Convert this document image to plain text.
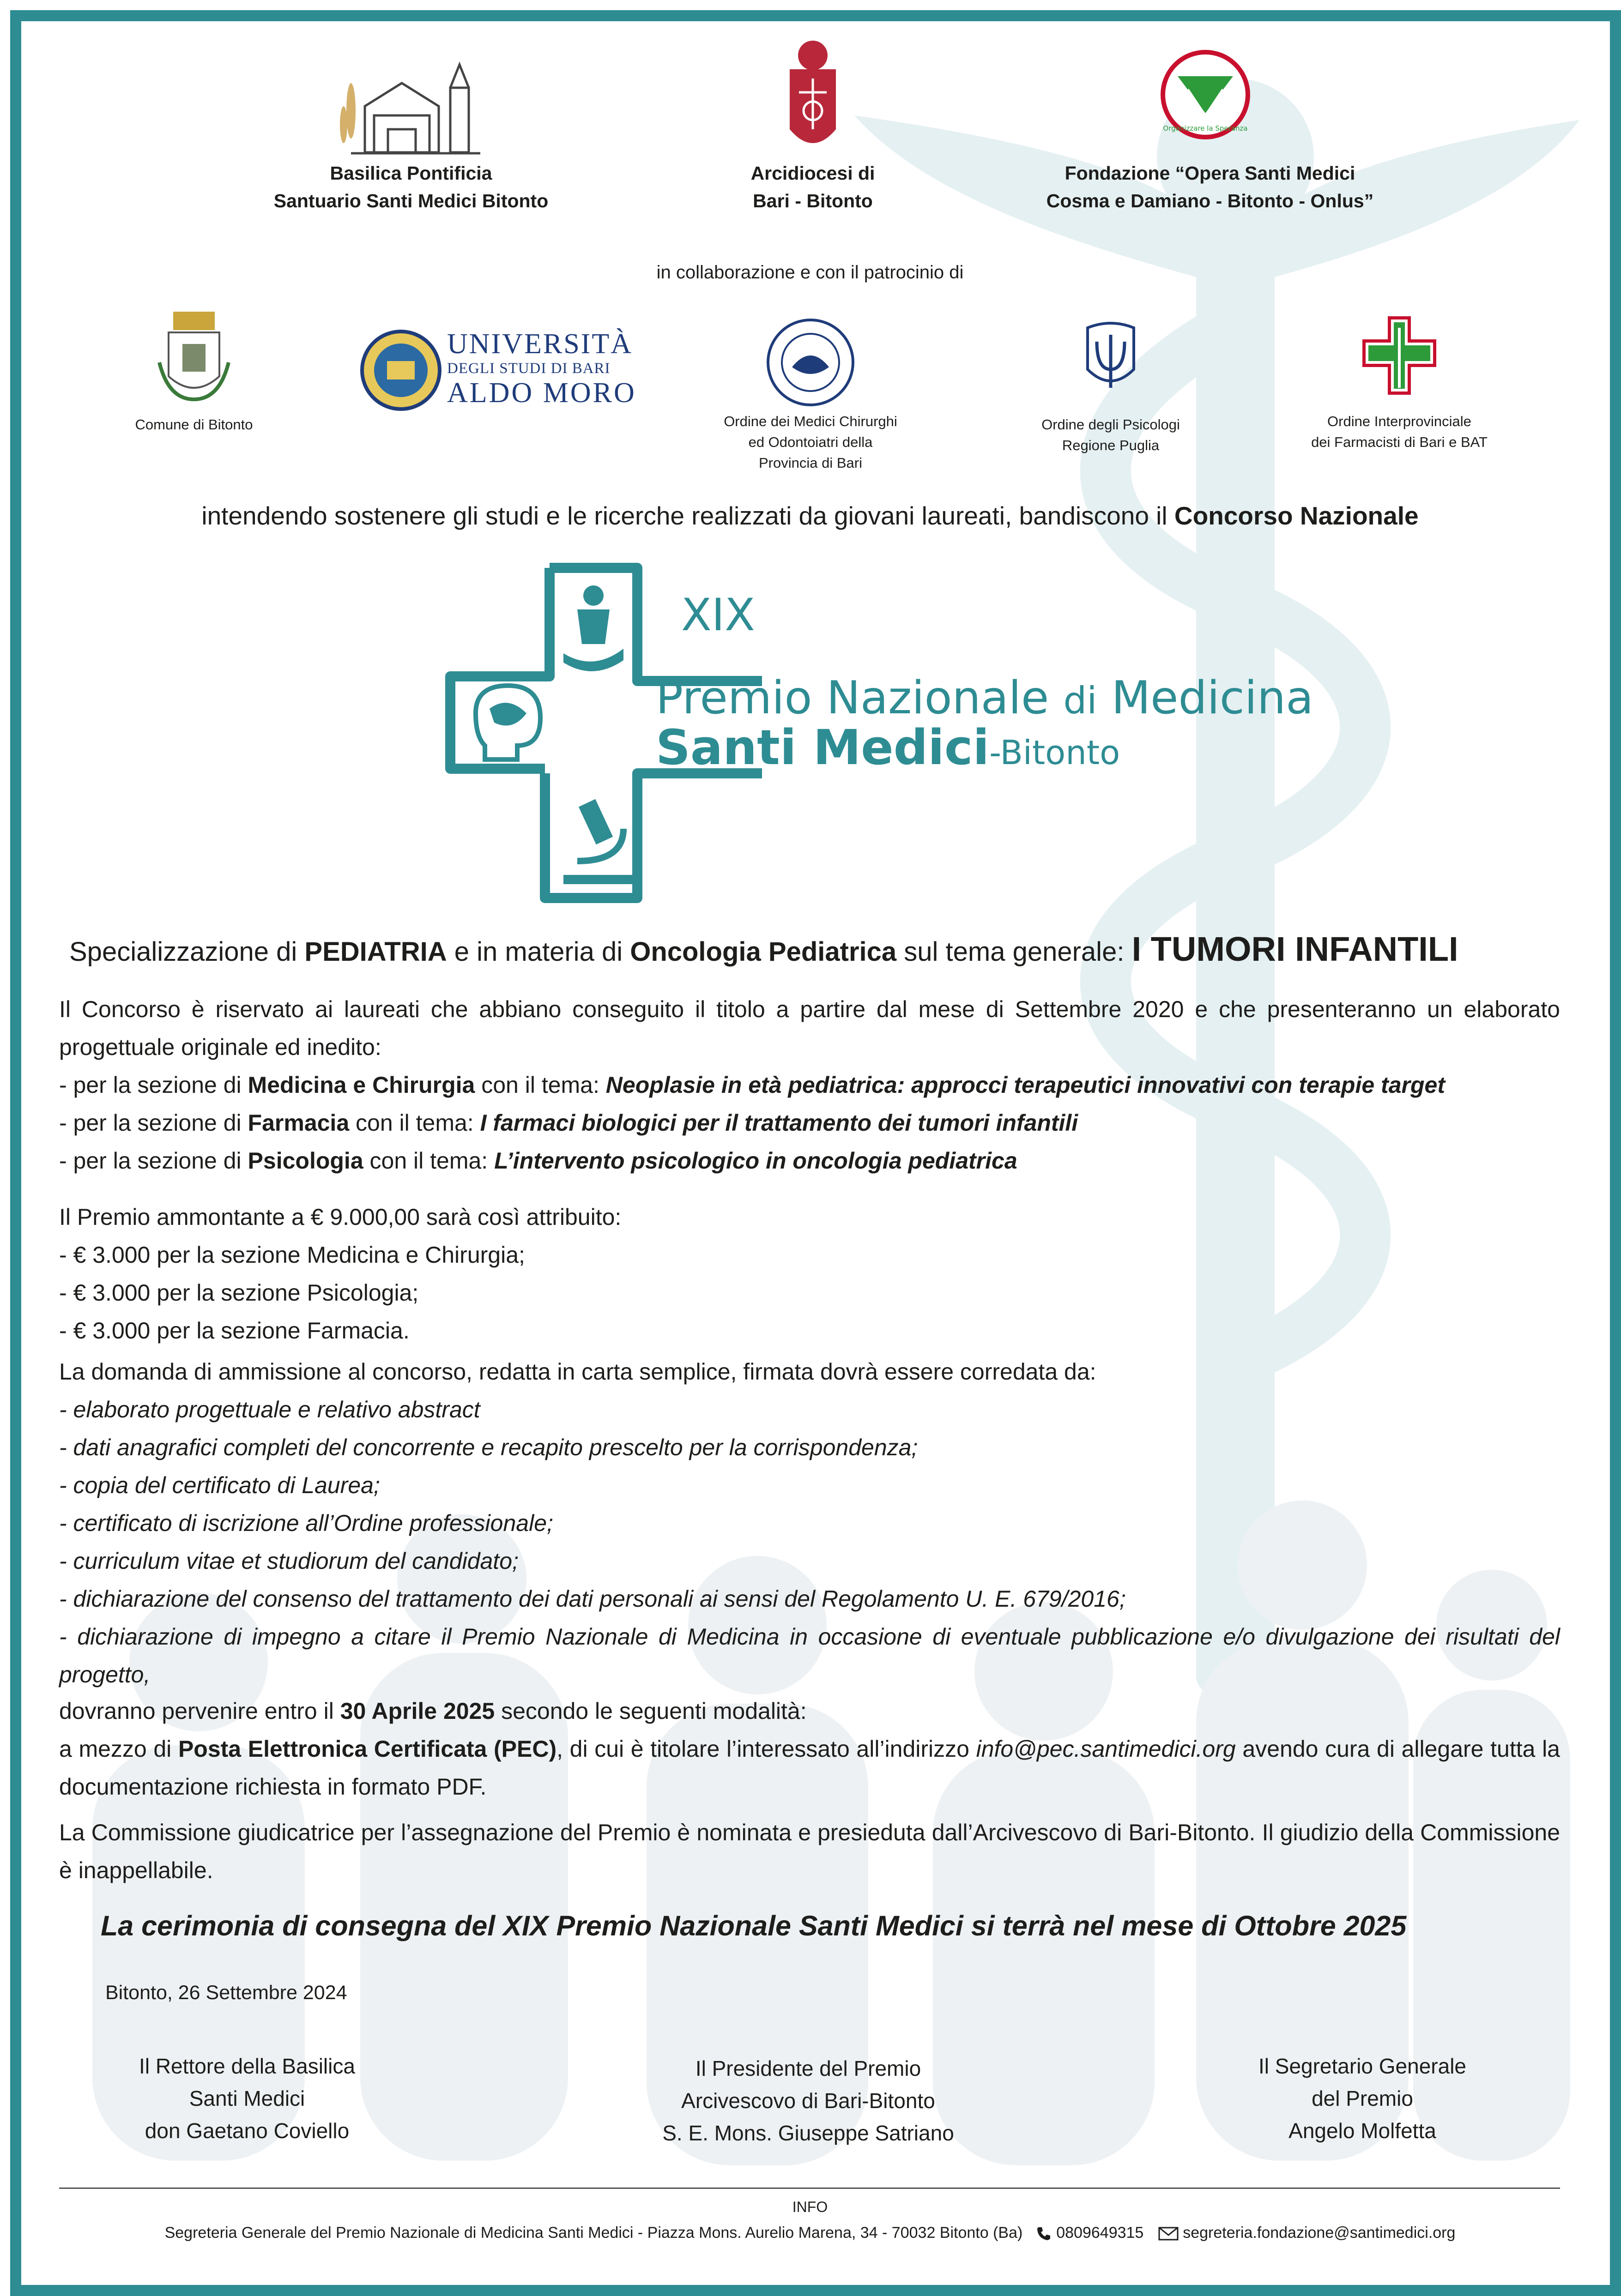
Basilica Pontificia
Santuario Santi Medici Bitonto
Arcidiocesi di
Bari - Bitonto
Organizzare la Speranza
Fondazione “Opera Santi Medici
Cosma e Damiano - Bitonto - Onlus”
in collaborazione e con il patrocinio di
Comune di Bitonto
UNIVERSITÀ
DEGLI STUDI DI BARI
ALDO MORO
Ordine dei Medici Chirurghi
ed Odontoiatri della
Provincia di Bari
Ordine degli Psicologi
Regione Puglia
Ordine Interprovinciale
dei Farmacisti di Bari e BAT
intendendo sostenere gli studi e le ricerche realizzati da giovani laureati, bandiscono il Concorso Nazionale
XIX
Premio Nazionale di Medicina
Santi Medici-Bitonto
Specializzazione di PEDIATRIA e in materia di Oncologia Pediatrica sul tema generale: I TUMORI INFANTILI

Il Concorso è riservato ai laureati che abbiano conseguito il titolo a partire dal mese di Settembre 2020 e che presenteranno un elaborato progettuale originale ed inedito:

- per la sezione di Medicina e Chirurgia con il tema: Neoplasie in età pediatrica: approcci terapeutici innovativi con terapie target

- per la sezione di Farmacia con il tema: I farmaci biologici per il trattamento dei tumori infantili

- per la sezione di Psicologia con il tema: L’intervento psicologico in oncologia pediatrica

Il Premio ammontante a € 9.000,00 sarà così attribuito:

- € 3.000 per la sezione Medicina e Chirurgia;

- € 3.000 per la sezione Psicologia;

- € 3.000 per la sezione Farmacia.

La domanda di ammissione al concorso, redatta in carta semplice, firmata dovrà essere corredata da:

- elaborato progettuale e relativo abstract

- dati anagrafici completi del concorrente e recapito prescelto per la corrispondenza;

- copia del certificato di Laurea;

- certificato di iscrizione all’Ordine professionale;

- curriculum vitae et studiorum del candidato;

- dichiarazione del consenso del trattamento dei dati personali ai sensi del Regolamento U. E. 679/2016;

- dichiarazione di impegno a citare il Premio Nazionale di Medicina in occasione di eventuale pubblicazione e/o divulgazione dei risultati del progetto,

dovranno pervenire entro il 30 Aprile 2025 secondo le seguenti modalità:

a mezzo di Posta Elettronica Certificata (PEC), di cui è titolare l’interessato all’indirizzo info@pec.santimedici.org avendo cura di allegare tutta la documentazione richiesta in formato PDF.

La Commissione giudicatrice per l’assegnazione del Premio è nominata e presieduta dall’Arcivescovo di Bari-Bitonto. Il giudizio della Commissione è inappellabile.

La cerimonia di consegna del XIX Premio Nazionale Santi Medici si terrà nel mese di Ottobre 2025
Bitonto, 26 Settembre 2024
Il Rettore della Basilica
Santi Medici
don Gaetano Coviello
Il Presidente del Premio
Arcivescovo di Bari-Bitonto
S. E. Mons. Giuseppe Satriano
Il Segretario Generale
del Premio
Angelo Molfetta
INFO
Segreteria Generale del Premio Nazionale di Medicina Santi Medici - Piazza Mons. Aurelio Marena, 34 - 70032 Bitonto (Ba) 0809649315 segreteria.fondazione@santimedici.org
